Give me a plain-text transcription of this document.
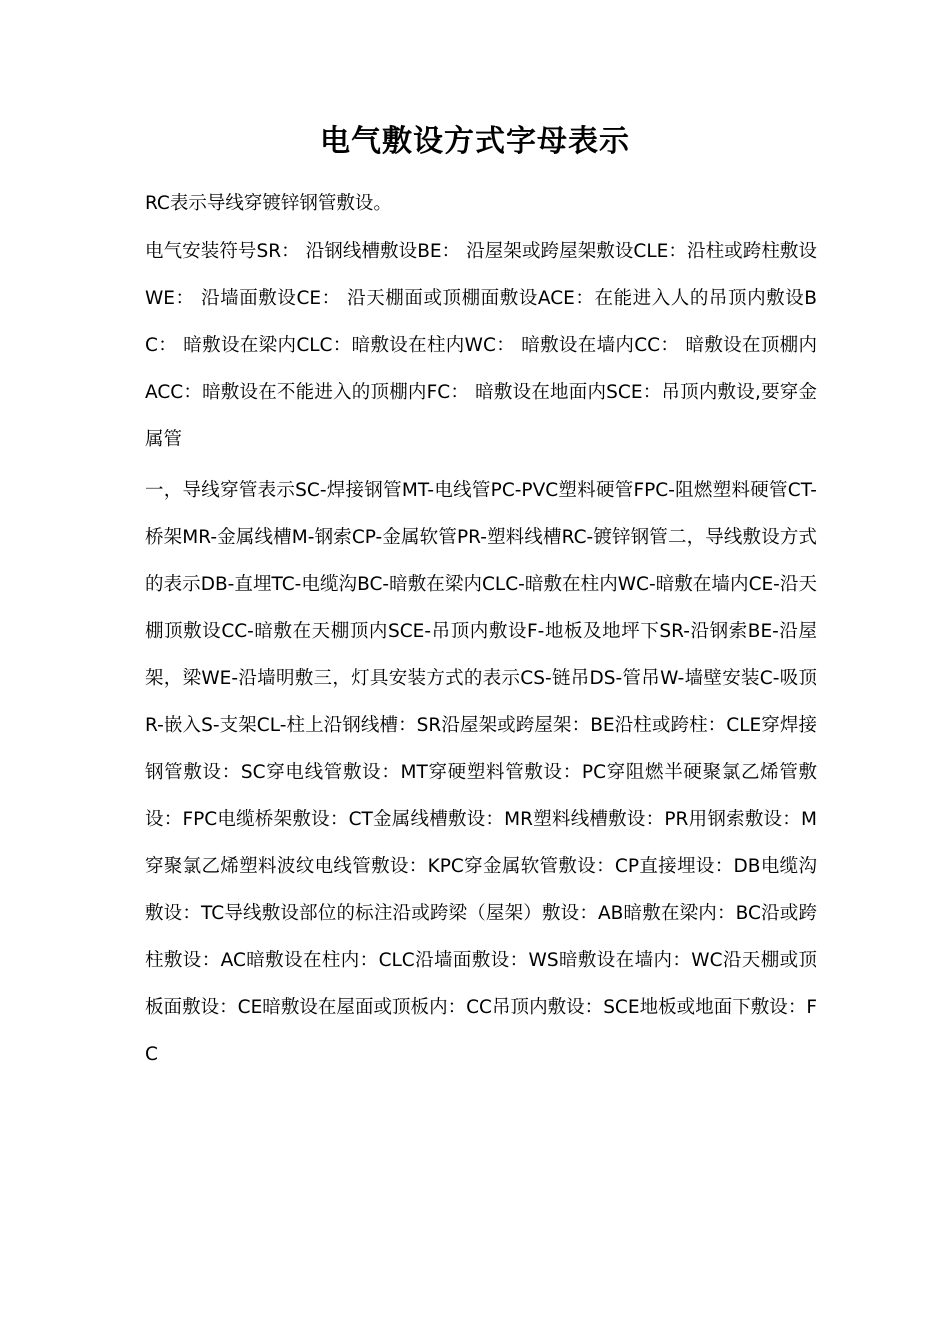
电气敷设方式字母表示
RC表示导线穿镀锌钢管敷设。
电气安装符号SR： 沿钢线槽敷设BE： 沿屋架或跨屋架敷设CLE：沿柱或跨柱敷设WE： 沿墙面敷设CE： 沿天棚面或顶棚面敷设ACE：在能进入人的吊顶内敷设BC： 暗敷设在梁内CLC：暗敷设在柱内WC： 暗敷设在墙内CC： 暗敷设在顶棚内ACC：暗敷设在不能进入的顶棚内FC： 暗敷设在地面内SCE：吊顶内敷设,要穿金属管
一，导线穿管表示SC-焊接钢管MT-电线管PC-PVC塑料硬管FPC-阻燃塑料硬管CT-桥架MR-金属线槽M-钢索CP-金属软管PR-塑料线槽RC-镀锌钢管二，导线敷设方式的表示DB-直埋TC-电缆沟BC-暗敷在梁内CLC-暗敷在柱内WC-暗敷在墙内CE-沿天棚顶敷设CC-暗敷在天棚顶内SCE-吊顶内敷设F-地板及地坪下SR-沿钢索BE-沿屋架，梁WE-沿墙明敷三，灯具安装方式的表示CS-链吊DS-管吊W-墙壁安装C-吸顶R-嵌入S-支架CL-柱上沿钢线槽：SR沿屋架或跨屋架：BE沿柱或跨柱：CLE穿焊接钢管敷设：SC穿电线管敷设：MT穿硬塑料管敷设：PC穿阻燃半硬聚氯乙烯管敷设：FPC电缆桥架敷设：CT金属线槽敷设：MR塑料线槽敷设：PR用钢索敷设：M穿聚氯乙烯塑料波纹电线管敷设：KPC穿金属软管敷设：CP直接埋设：DB电缆沟敷设：TC导线敷设部位的标注沿或跨梁（屋架）敷设：AB暗敷在梁内：BC沿或跨柱敷设：AC暗敷设在柱内：CLC沿墙面敷设：WS暗敷设在墙内：WC沿天棚或顶板面敷设：CE暗敷设在屋面或顶板内：CC吊顶内敷设：SCE地板或地面下敷设：FC
